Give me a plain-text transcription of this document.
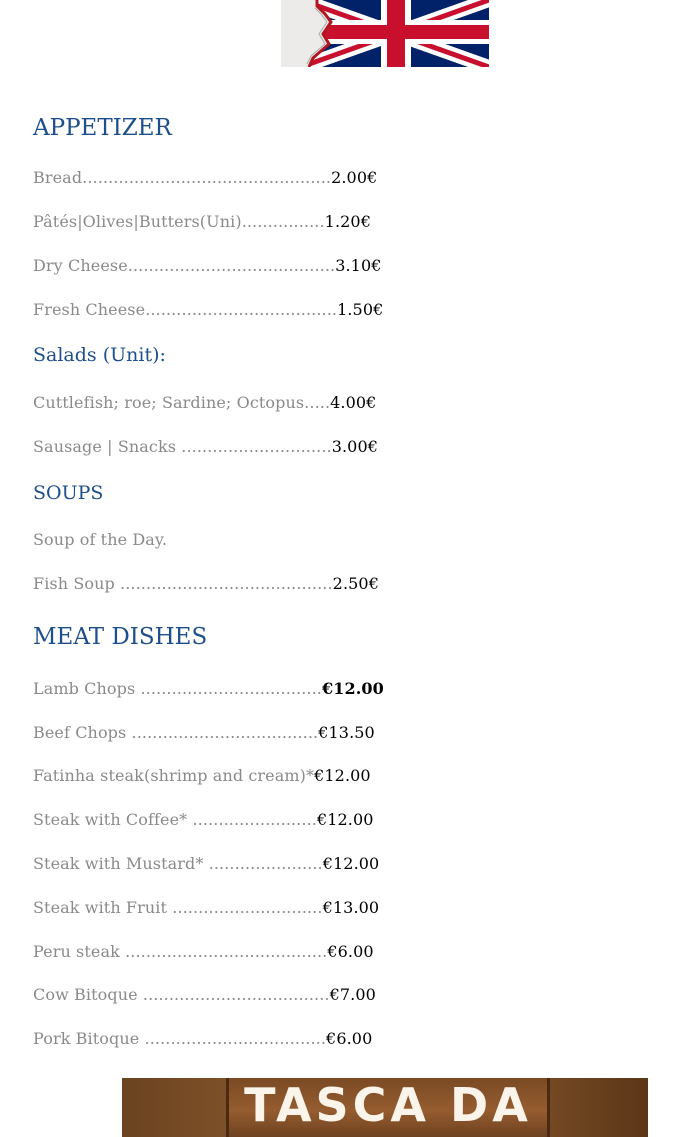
APPETIZER
Bread................................................2.00€
Pâtés|Olives|Butters(Uni)................1.20€
Dry Cheese........................................3.10€
Fresh Cheese.....................................1.50€
Salads (Unit):
Cuttlefish; roe; Sardine; Octopus.....4.00€
Sausage | Snacks .............................3.00€
SOUPS
Soup of the Day.
Fish Soup .........................................2.50€
MEAT DISHES
Lamb Chops ...................................€12.00
Beef Chops ....................................€13.50
Fatinha steak(shrimp and cream)*€12.00
Steak with Coffee* ........................€12.00
Steak with Mustard* ......................€12.00
Steak with Fruit .............................€13.00
Peru steak .......................................€6.00
Cow Bitoque ....................................€7.00
Pork Bitoque ...................................€6.00
TASCA DA
